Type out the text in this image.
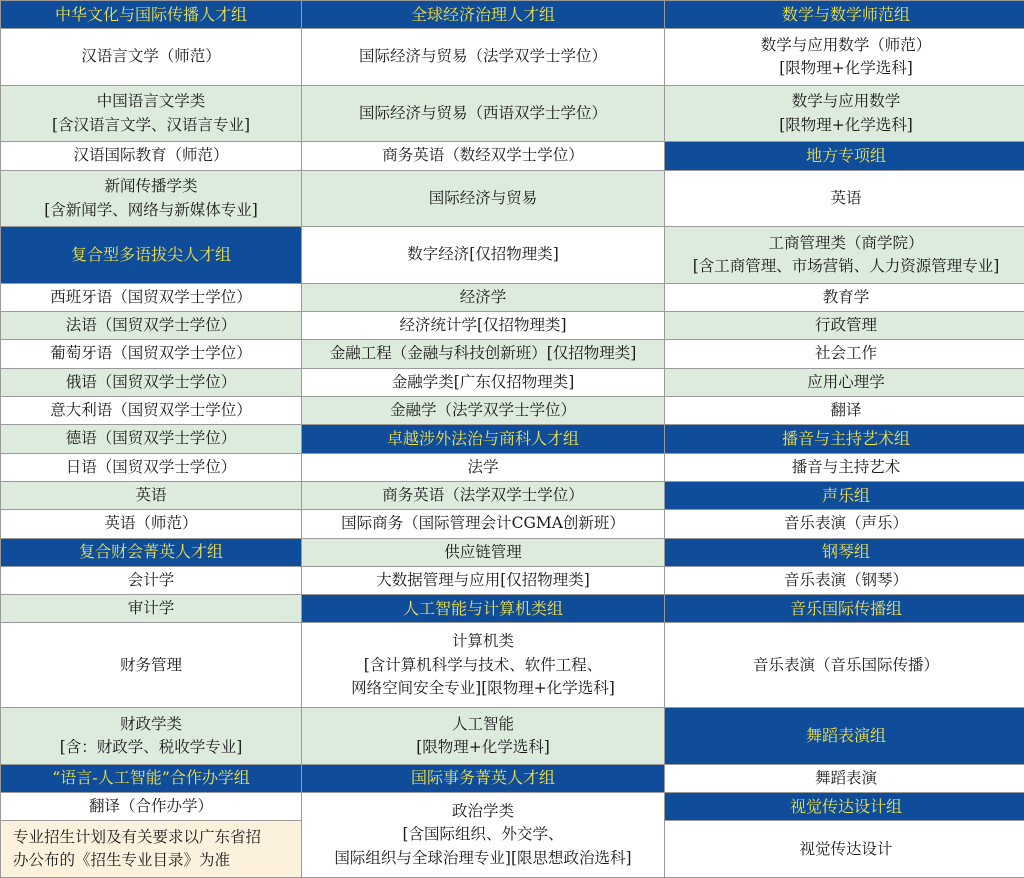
中华文化与国际传播人才组
汉语言文学（师范）
中国语言文学类
[含汉语言文学、汉语言专业]
汉语国际教育（师范）
新闻传播学类
[含新闻学、网络与新媒体专业]
复合型多语拔尖人才组
西班牙语（国贸双学士学位）
法语（国贸双学士学位）
葡萄牙语（国贸双学士学位）
俄语（国贸双学士学位）
意大利语（国贸双学士学位）
德语（国贸双学士学位）
日语（国贸双学士学位）
英语
英语（师范）
复合财会菁英人才组
会计学
审计学
财务管理
财政学类
[含：财政学、税收学专业]
“语言-人工智能”合作办学组
翻译（合作办学）
专业招生计划及有关要求以广东省招
办公布的《招生专业目录》为准
全球经济治理人才组
国际经济与贸易（法学双学士学位）
国际经济与贸易（西语双学士学位）
商务英语（数经双学士学位）
国际经济与贸易
数字经济[仅招物理类]
经济学
经济统计学[仅招物理类]
金融工程（金融与科技创新班）[仅招物理类]
金融学类[广东仅招物理类]
金融学（法学双学士学位）
卓越涉外法治与商科人才组
法学
商务英语（法学双学士学位）
国际商务（国际管理会计CGMA创新班）
供应链管理
大数据管理与应用[仅招物理类]
人工智能与计算机类组
计算机类
[含计算机科学与技术、软件工程、
网络空间安全专业][限物理+化学选科]
人工智能
[限物理+化学选科]
国际事务菁英人才组
政治学类
[含国际组织、外交学、
国际组织与全球治理专业][限思想政治选科]
数学与数学师范组
数学与应用数学（师范）
[限物理+化学选科]
数学与应用数学
[限物理+化学选科]
地方专项组
英语
工商管理类（商学院）
[含工商管理、市场营销、人力资源管理专业]
教育学
行政管理
社会工作
应用心理学
翻译
播音与主持艺术组
播音与主持艺术
声乐组
音乐表演（声乐）
钢琴组
音乐表演（钢琴）
音乐国际传播组
音乐表演（音乐国际传播）
舞蹈表演组
舞蹈表演
视觉传达设计组
视觉传达设计
